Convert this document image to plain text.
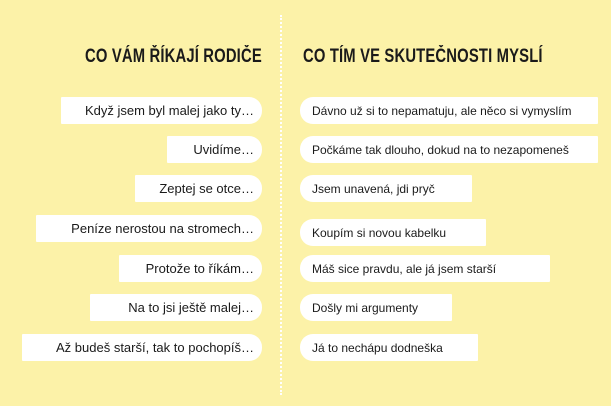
CO VÁM ŘÍKAJÍ RODIČE CO TÍM VE SKUTEČNOSTI MYSLÍ
Když jsem byl malej jako ty…
Uvidíme…
Zeptej se otce…
Peníze nerostou na stromech…
Protože to říkám…
Na to jsi ještě malej…
Až budeš starší, tak to pochopíš…
Dávno už si to nepamatuju, ale něco si vymyslím
Počkáme tak dlouho, dokud na to nezapomeneš
Jsem unavená, jdi pryč
Koupím si novou kabelku
Máš sice pravdu, ale já jsem starší
Došly mi argumenty
Já to nechápu dodneška
